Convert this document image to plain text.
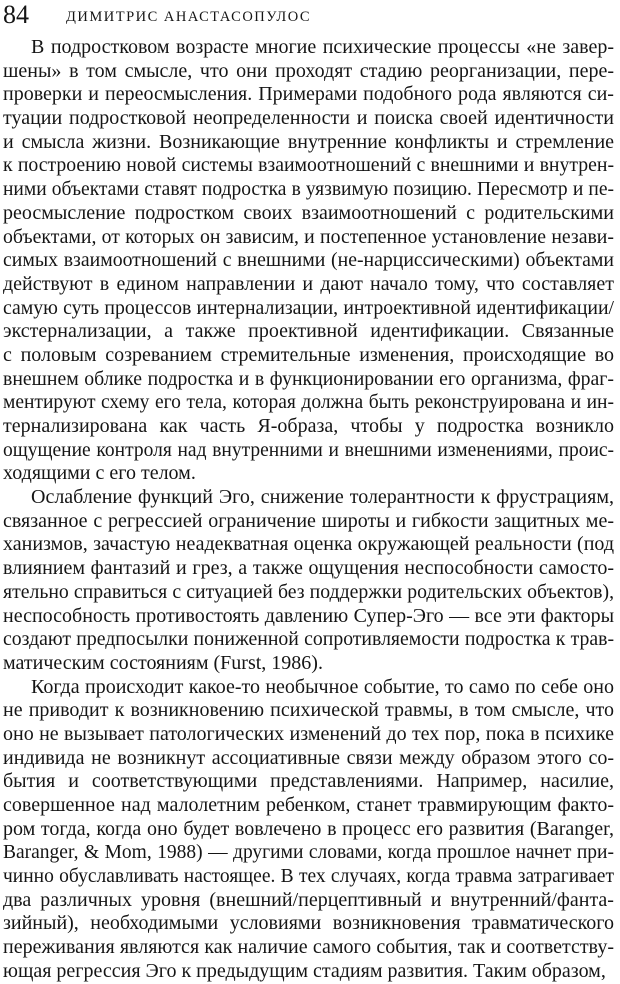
84	ДИМИТРИС АНАСТАСОПУЛОС
В подростковом возрасте многие психические процессы «не завер-
шены» в том смысле, что они проходят стадию реорганизации, пере-
проверки и переосмысления. Примерами подобного рода являются си-
туации подростковой неопределенности и поиска своей идентичности
и смысла жизни. Возникающие внутренние конфликты и стремление
к построению новой системы взаимоотношений с внешними и внутрен-
ними объектами ставят подростка в уязвимую позицию. Пересмотр и пе-
реосмысление подростком своих взаимоотношений с родительскими
объектами, от которых он зависим, и постепенное установление незави-
симых взаимоотношений с внешними (не-нарциссическими) объектами
действуют в едином направлении и дают начало тому, что составляет
самую суть процессов интернализации, интроективной идентификации/
экстернализации, а также проективной идентификации. Связанные
с половым созреванием стремительные изменения, происходящие во
внешнем облике подростка и в функционировании его организма, фраг-
ментируют схему его тела, которая должна быть реконструирована и ин-
тернализирована как часть Я-образа, чтобы у подростка возникло
ощущение контроля над внутренними и внешними изменениями, проис-
ходящими с его телом.
Ослабление функций Эго, снижение толерантности к фрустрациям,
связанное с регрессией ограничение широты и гибкости защитных ме-
ханизмов, зачастую неадекватная оценка окружающей реальности (под
влиянием фантазий и грез, а также ощущения неспособности самосто-
ятельно справиться с ситуацией без поддержки родительских объектов),
неспособность противостоять давлению Супер-Эго — все эти факторы
создают предпосылки пониженной сопротивляемости подростка к трав-
матическим состояниям (Furst, 1986).
Когда происходит какое-то необычное событие, то само по себе оно
не приводит к возникновению психической травмы, в том смысле, что
оно не вызывает патологических изменений до тех пор, пока в психике
индивида не возникнут ассоциативные связи между образом этого со-
бытия и соответствующими представлениями. Например, насилие,
совершенное над малолетним ребенком, станет травмирующим факто-
ром тогда, когда оно будет вовлечено в процесс его развития (Baranger,
Baranger, & Mom, 1988) — другими словами, когда прошлое начнет при-
чинно обуславливать настоящее. В тех случаях, когда травма затрагивает
два различных уровня (внешний/перцептивный и внутренний/фанта-
зийный), необходимыми условиями возникновения травматического
переживания являются как наличие самого события, так и соответству-
ющая регрессия Эго к предыдущим стадиям развития. Таким образом,
